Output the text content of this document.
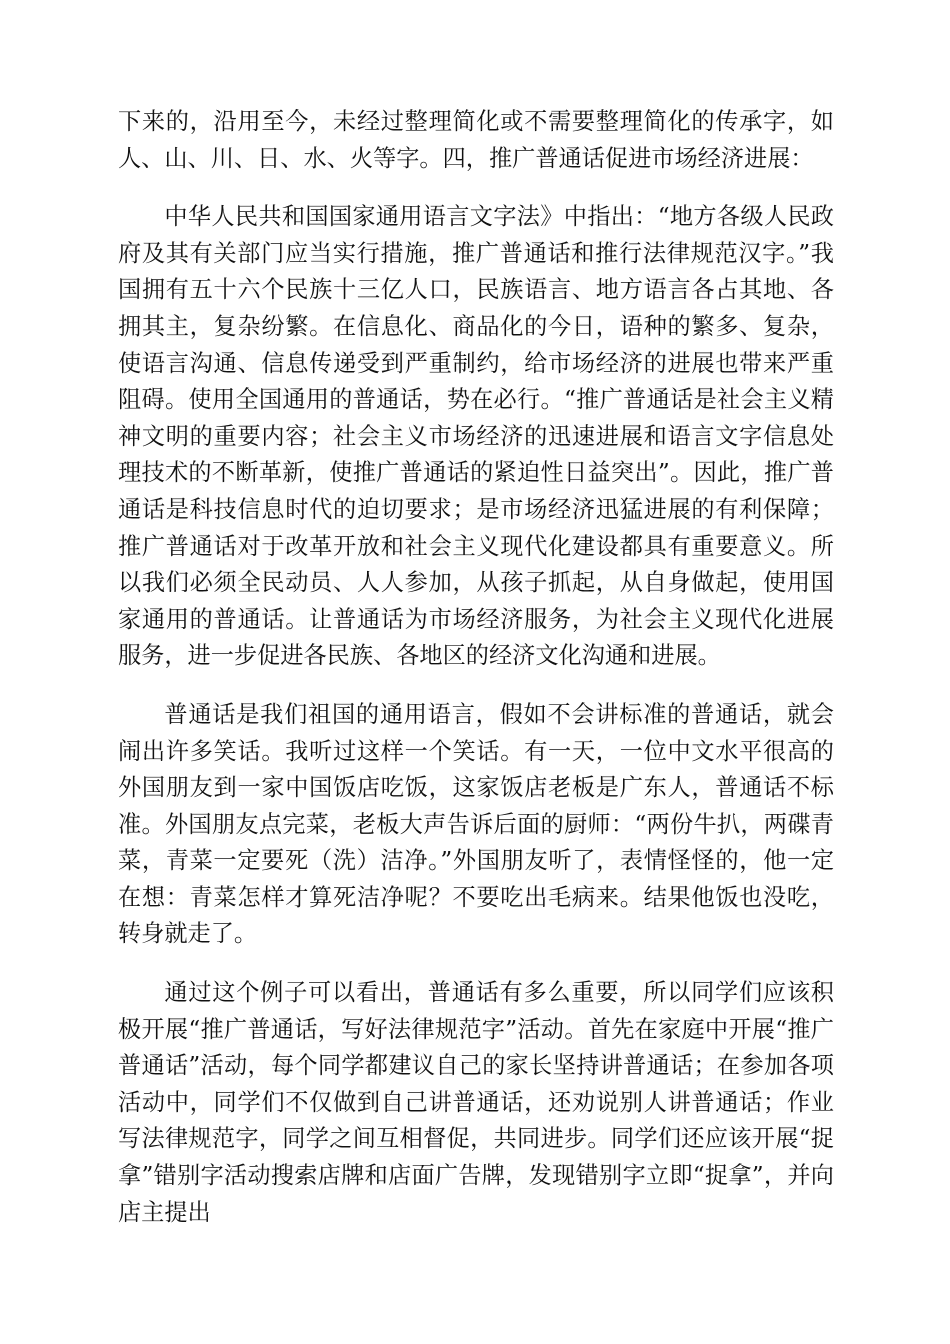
下来的，沿用至今，未经过整理简化或不需要整理简化的传承字，如人、山、川、日、水、火等字。四，推广普通话促进市场经济进展：

中华人民共和国国家通用语言文字法》中指出：“地方各级人民政府及其有关部门应当实行措施，推广普通话和推行法律规范汉字。”我国拥有五十六个民族十三亿人口，民族语言、地方语言各占其地、各拥其主，复杂纷繁。在信息化、商品化的今日，语种的繁多、复杂，使语言沟通、信息传递受到严重制约，给市场经济的进展也带来严重阻碍。使用全国通用的普通话，势在必行。“推广普通话是社会主义精神文明的重要内容；社会主义市场经济的迅速进展和语言文字信息处理技术的不断革新，使推广普通话的紧迫性日益突出”。因此，推广普通话是科技信息时代的迫切要求；是市场经济迅猛进展的有利保障；推广普通话对于改革开放和社会主义现代化建设都具有重要意义。所以我们必须全民动员、人人参加，从孩子抓起，从自身做起，使用国家通用的普通话。让普通话为市场经济服务，为社会主义现代化进展服务，进一步促进各民族、各地区的经济文化沟通和进展。

普通话是我们祖国的通用语言，假如不会讲标准的普通话，就会闹出许多笑话。我听过这样一个笑话。有一天，一位中文水平很高的外国朋友到一家中国饭店吃饭，这家饭店老板是广东人，普通话不标准。外国朋友点完菜，老板大声告诉后面的厨师：“两份牛扒，两碟青菜，青菜一定要死（洗）洁净。”外国朋友听了，表情怪怪的，他一定在想：青菜怎样才算死洁净呢？不要吃出毛病来。结果他饭也没吃，转身就走了。

通过这个例子可以看出，普通话有多么重要，所以同学们应该积极开展“推广普通话，写好法律规范字”活动。首先在家庭中开展“推广普通话”活动，每个同学都建议自己的家长坚持讲普通话；在参加各项活动中，同学们不仅做到自己讲普通话，还劝说别人讲普通话；作业写法律规范字，同学之间互相督促，共同进步。同学们还应该开展“捉拿”错别字活动搜索店牌和店面广告牌，发现错别字立即“捉拿”，并向店主提出
